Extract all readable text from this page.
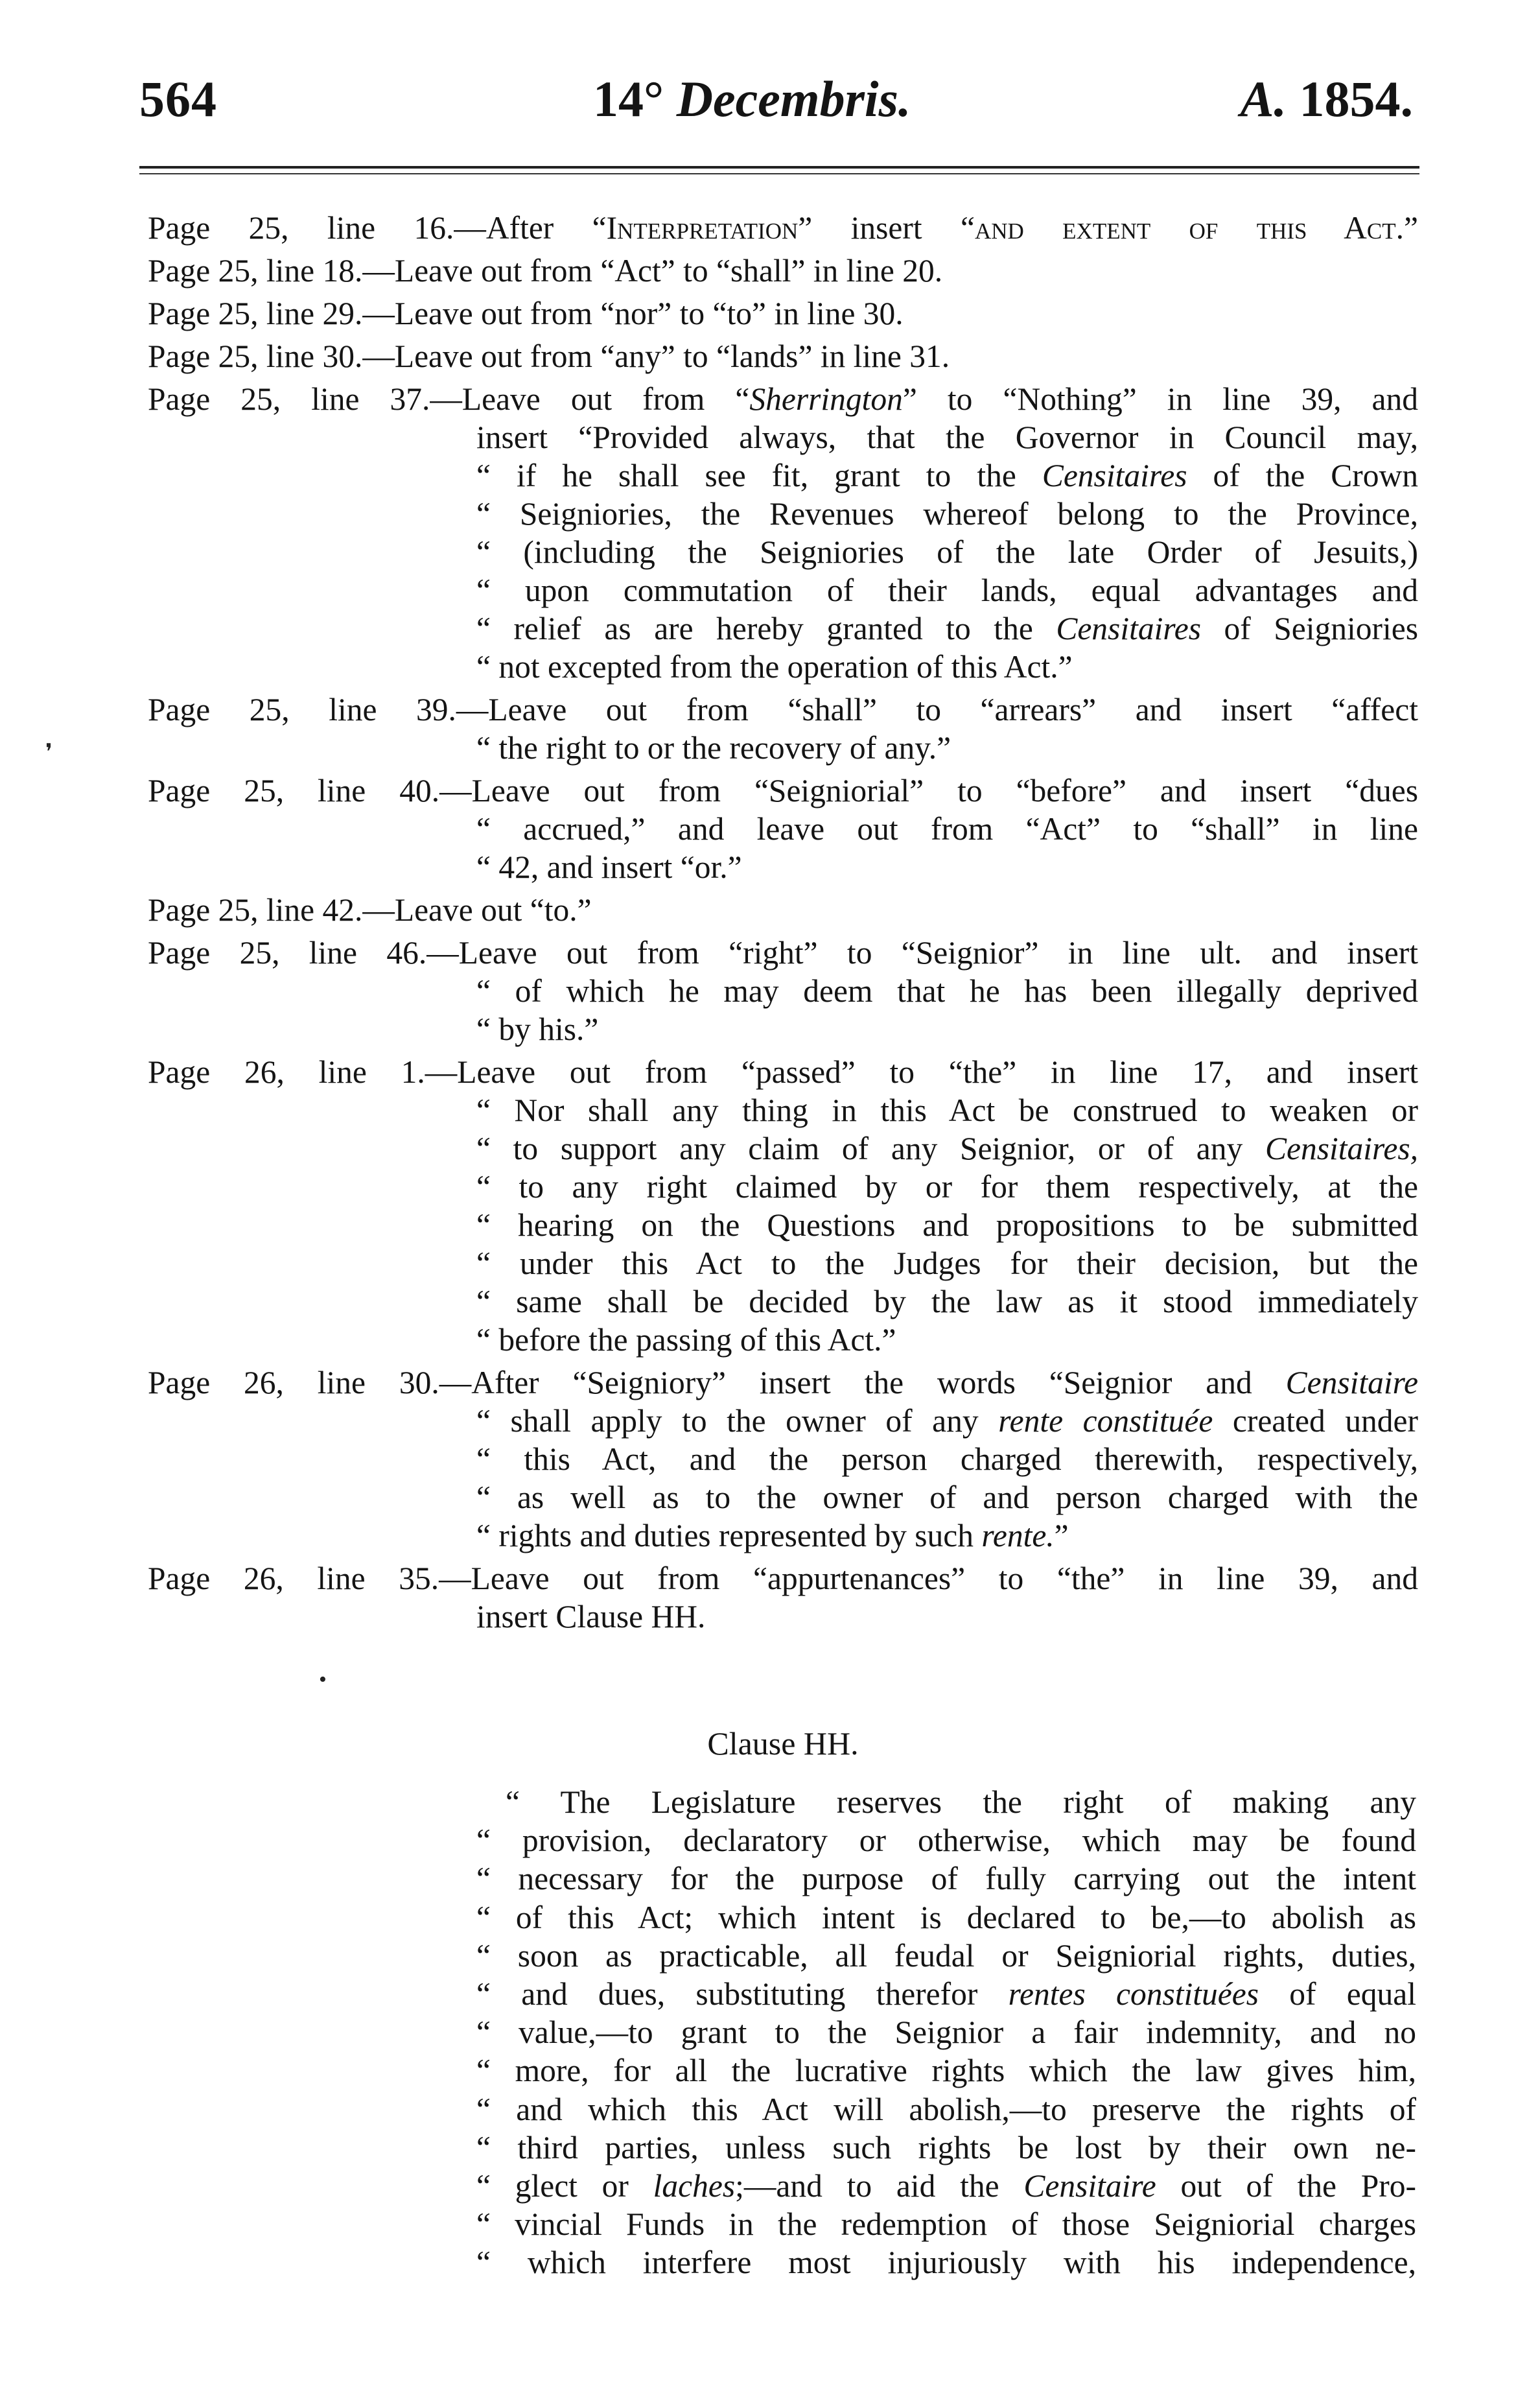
564	14° Decembris.	A. 1854.
Page 25, line 16.—After “Interpretation” insert “and extent of this Act.”
Page 25, line 18.—Leave out from “Act” to “shall” in line 20.
Page 25, line 29.—Leave out from “nor” to “to” in line 30.
Page 25, line 30.—Leave out from “any” to “lands” in line 31.
Page 25, line 37.—Leave out from “Sherrington” to “Nothing” in line 39, and
insert “Provided always, that the Governor in Council may,
“ if he shall see fit, grant to the Censitaires of the Crown
“ Seigniories, the Revenues whereof belong to the Province,
“ (including the Seigniories of the late Order of Jesuits,)
“ upon commutation of their lands, equal advantages and
“ relief as are hereby granted to the Censitaires of Seigniories
“ not excepted from the operation of this Act.”
Page 25, line 39.—Leave out from “shall” to “arrears” and insert “affect
“ the right to or the recovery of any.”
Page 25, line 40.—Leave out from “Seigniorial” to “before” and insert “dues
“ accrued,” and leave out from “Act” to “shall” in line
“ 42, and insert “or.”
Page 25, line 42.—Leave out “to.”
Page 25, line 46.—Leave out from “right” to “Seignior” in line ult. and insert
“ of which he may deem that he has been illegally deprived
“ by his.”
Page 26, line 1.—Leave out from “passed” to “the” in line 17, and insert
“ Nor shall any thing in this Act be construed to weaken or
“ to support any claim of any Seignior, or of any Censitaires,
“ to any right claimed by or for them respectively, at the
“ hearing on the Questions and propositions to be submitted
“ under this Act to the Judges for their decision, but the
“ same shall be decided by the law as it stood immediately
“ before the passing of this Act.”
Page 26, line 30.—After “Seigniory” insert the words “Seignior and Censitaire
“ shall apply to the owner of any rente constituée created under
“ this Act, and the person charged therewith, respectively,
“ as well as to the owner of and person charged with the
“ rights and duties represented by such rente.”
Page 26, line 35.—Leave out from “appurtenances” to “the” in line 39, and
insert Clause HH.
Clause HH.
“ The Legislature reserves the right of making any
“ provision, declaratory or otherwise, which may be found
“ necessary for the purpose of fully carrying out the intent
“ of this Act; which intent is declared to be,—to abolish as
“ soon as practicable, all feudal or Seigniorial rights, duties,
“ and dues, substituting therefor rentes constituées of equal
“ value,—to grant to the Seignior a fair indemnity, and no
“ more, for all the lucrative rights which the law gives him,
“ and which this Act will abolish,—to preserve the rights of
“ third parties, unless such rights be lost by their own ne-
“ glect or laches;—and to aid the Censitaire out of the Pro-
“ vincial Funds in the redemption of those Seigniorial charges
“ which interfere most injuriously with his independence,
❜
•
